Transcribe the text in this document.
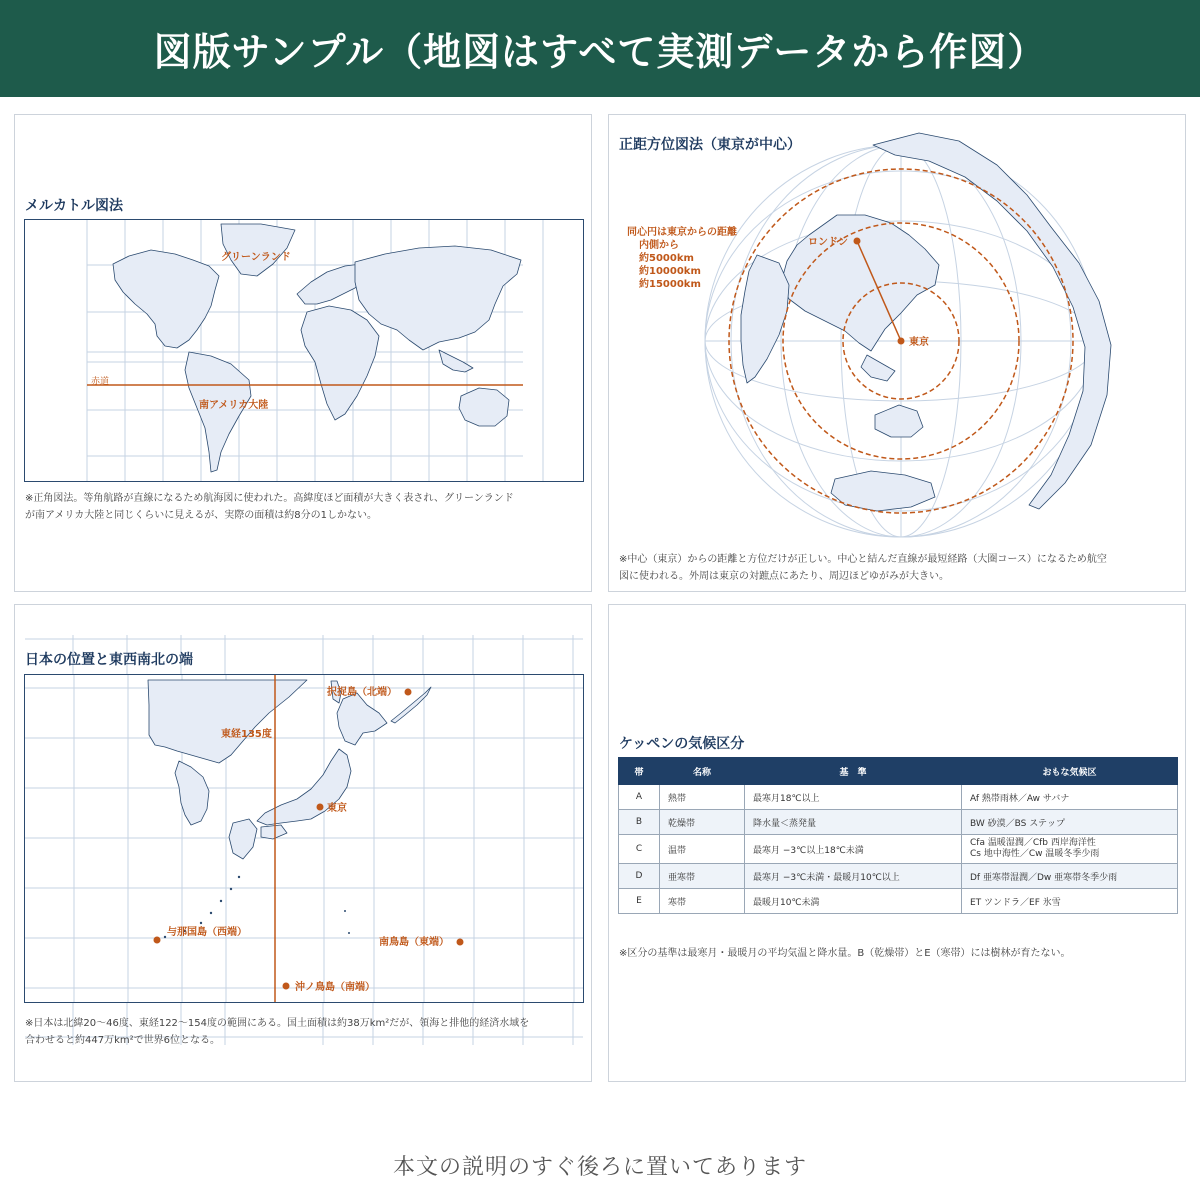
図版サンプル（地図はすべて実測データから作図）
メルカトル図法
グリーンランド
赤道
南アメリカ大陸
※正角図法。等角航路が直線になるため航海図に使われた。高緯度ほど面積が大きく表され、グリーンランド
が南アメリカ大陸と同じくらいに見えるが、実際の面積は約8分の1しかない。
ロンドン
東京
同心円は東京からの距離
内側から
約5000km
約10000km
約15000km
正距方位図法（東京が中心）
※中心（東京）からの距離と方位だけが正しい。中心と結んだ直線が最短経路（大圏コース）になるため航空
図に使われる。外周は東京の対蹠点にあたり、周辺ほどゆがみが大きい。
日本の位置と東西南北の端
択捉島（北端）
東経135度
東京
与那国島（西端）
南鳥島（東端）
沖ノ鳥島（南端）
※日本は北緯20〜46度、東経122〜154度の範囲にある。国土面積は約38万km²だが、領海と排他的経済水域を
合わせると約447万km²で世界6位となる。
ケッペンの気候区分
帯	名称	基　準	おもな気候区
A	熱帯	最寒月18℃以上	Af 熱帯雨林／Aw サバナ
B	乾燥帯	降水量＜蒸発量	BW 砂漠／BS ステップ
C	温帯	最寒月 −3℃以上18℃未満	Cfa 温暖湿潤／Cfb 西岸海洋性
Cs 地中海性／Cw 温暖冬季少雨

D	亜寒帯	最寒月 −3℃未満・最暖月10℃以上	Df 亜寒帯湿潤／Dw 亜寒帯冬季少雨
E	寒帯	最暖月10℃未満	ET ツンドラ／EF 氷雪
※区分の基準は最寒月・最暖月の平均気温と降水量。B（乾燥帯）とE（寒帯）には樹林が育たない。
本文の説明のすぐ後ろに置いてあります
